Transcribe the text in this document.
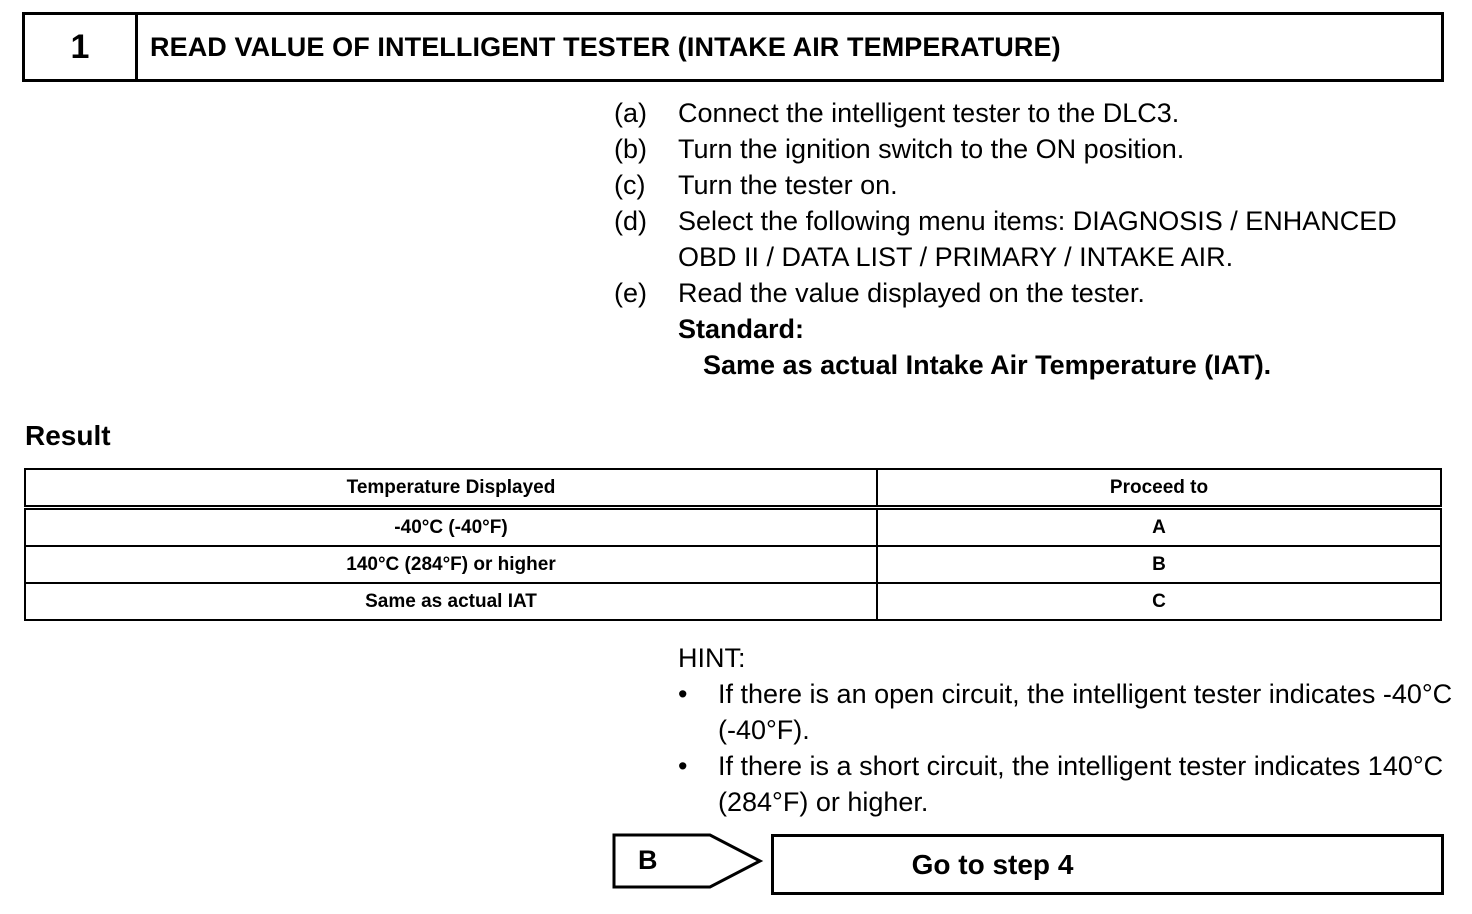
1	READ VALUE OF INTELLIGENT TESTER (INTAKE AIR TEMPERATURE)
(a)	Connect the intelligent tester to the DLC3.
(b)	Turn the ignition switch to the ON position.
(c)	Turn the tester on.
(d)	Select the following menu items: DIAGNOSIS / ENHANCED OBD II / DATA LIST / PRIMARY / INTAKE AIR.
(e)	Read the value displayed on the tester.
Standard:
Same as actual Intake Air Temperature (IAT).
Result
Temperature Displayed	Proceed to
-40°C (-40°F)	A
140°C (284°F) or higher	B
Same as actual IAT	C
HINT:
•	If there is an open circuit, the intelligent tester indicates -40°C (-40°F).
•	If there is a short circuit, the intelligent tester indicates 140°C (284°F) or higher.
B	Go to step 4
